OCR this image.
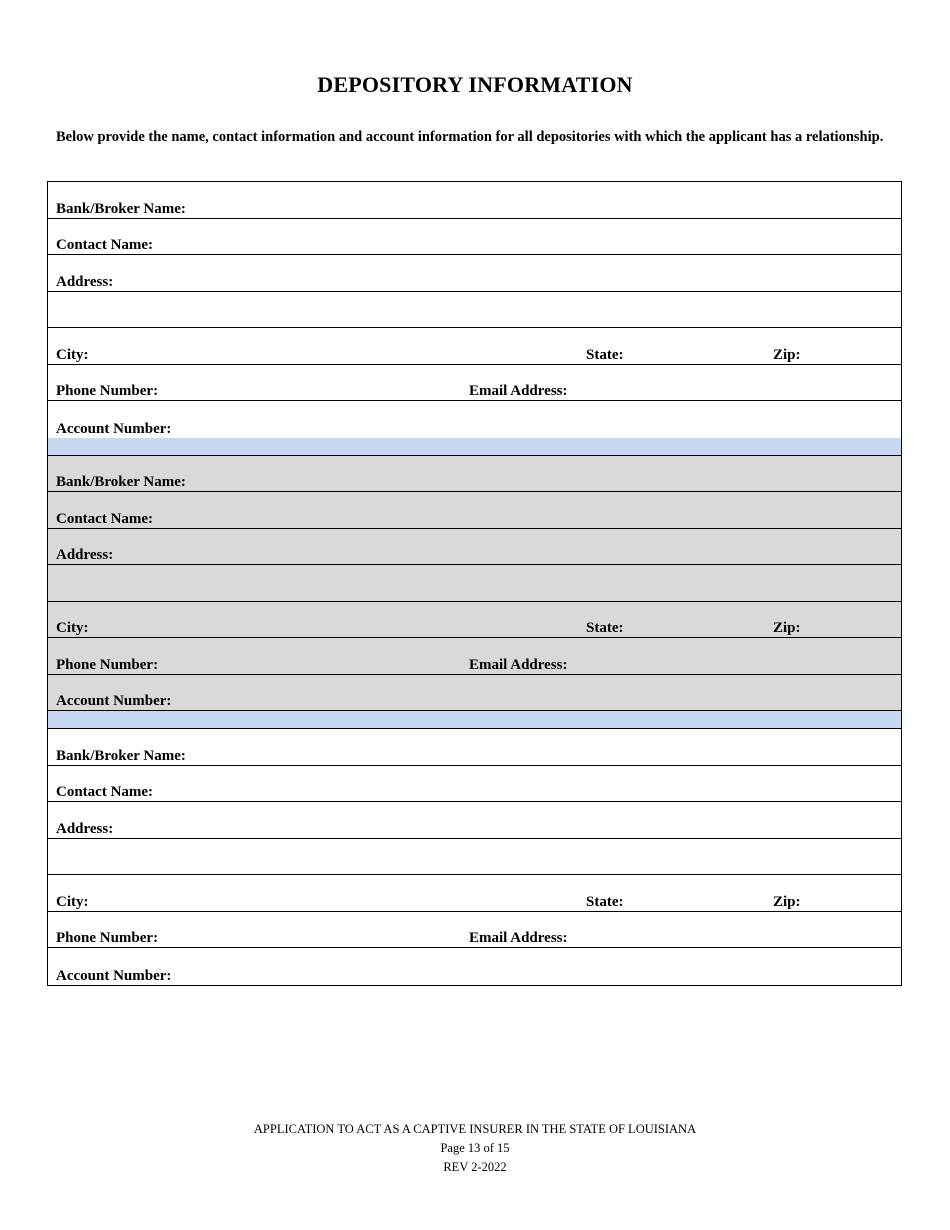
DEPOSITORY INFORMATION

Below provide the name, contact information and account information for all depositories with which the applicant has a relationship.

Bank/Broker Name:
Contact Name:
Address:
City:	State:	Zip:
Phone Number:	Email Address:
Account Number:
Bank/Broker Name:
Contact Name:
Address:
City:	State:	Zip:
Phone Number:	Email Address:
Account Number:
Bank/Broker Name:
Contact Name:
Address:
City:	State:	Zip:
Phone Number:	Email Address:
Account Number:
APPLICATION TO ACT AS A CAPTIVE INSURER IN THE STATE OF LOUISIANA
Page 13 of 15
REV 2-2022
